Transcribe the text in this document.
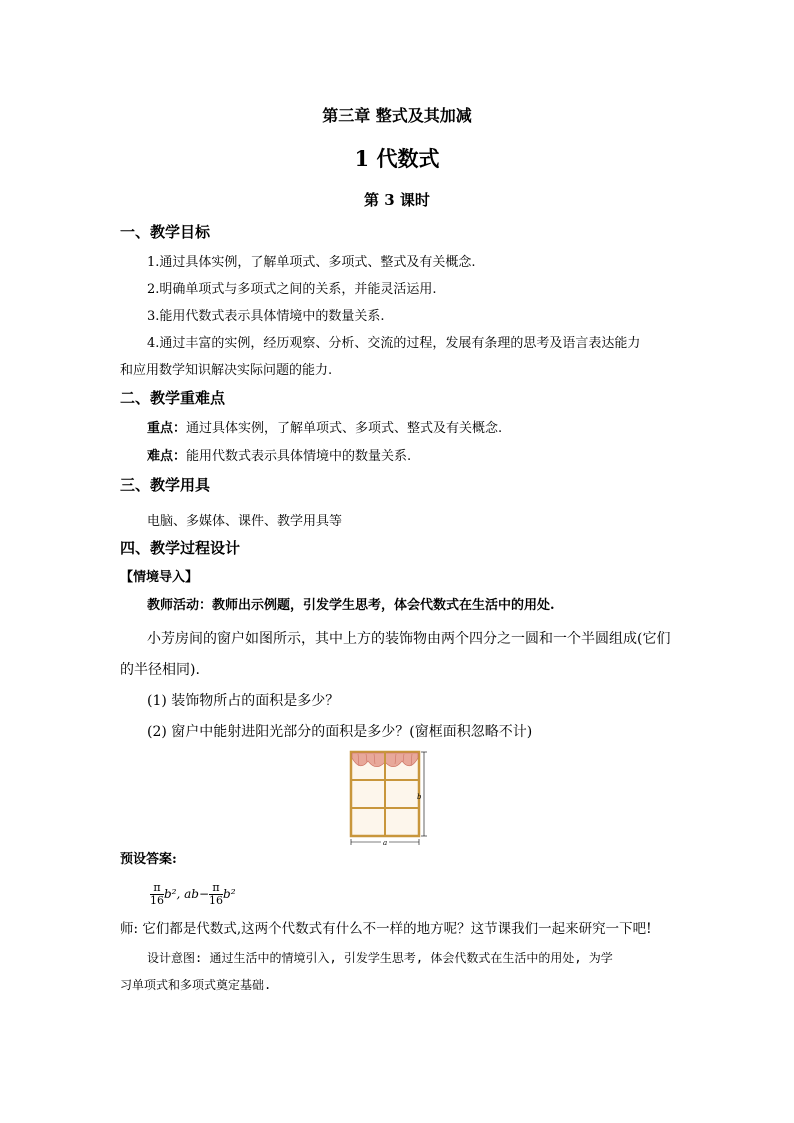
第三章 整式及其加减
1 代数式
第 3 课时
一、教学目标
1.通过具体实例，了解单项式、多项式、整式及有关概念.
2.明确单项式与多项式之间的关系，并能灵活运用.
3.能用代数式表示具体情境中的数量关系.
4.通过丰富的实例，经历观察、分析、交流的过程，发展有条理的思考及语言表达能力
和应用数学知识解决实际问题的能力.
二、教学重难点
重点：通过具体实例，了解单项式、多项式、整式及有关概念.
难点：能用代数式表示具体情境中的数量关系.
三、教学用具
电脑、多媒体、课件、教学用具等
四、教学过程设计
【情境导入】
教师活动：教师出示例题，引发学生思考，体会代数式在生活中的用处.
小芳房间的窗户如图所示，其中上方的装饰物由两个四分之一圆和一个半圆组成(它们
的半径相同).
(1) 装饰物所占的面积是多少？
(2) 窗户中能射进阳光部分的面积是多少？(窗框面积忽略不计)
b
a
预设答案:
$\frac{\pi}{16} b^2$, $ab- \frac{\pi}{16} b^2$
师: 它们都是代数式,这两个代数式有什么不一样的地方呢？这节课我们一起来研究一下吧!
设计意图: 通过生活中的情境引入, 引发学生思考, 体会代数式在生活中的用处, 为学
习单项式和多项式奠定基础.
